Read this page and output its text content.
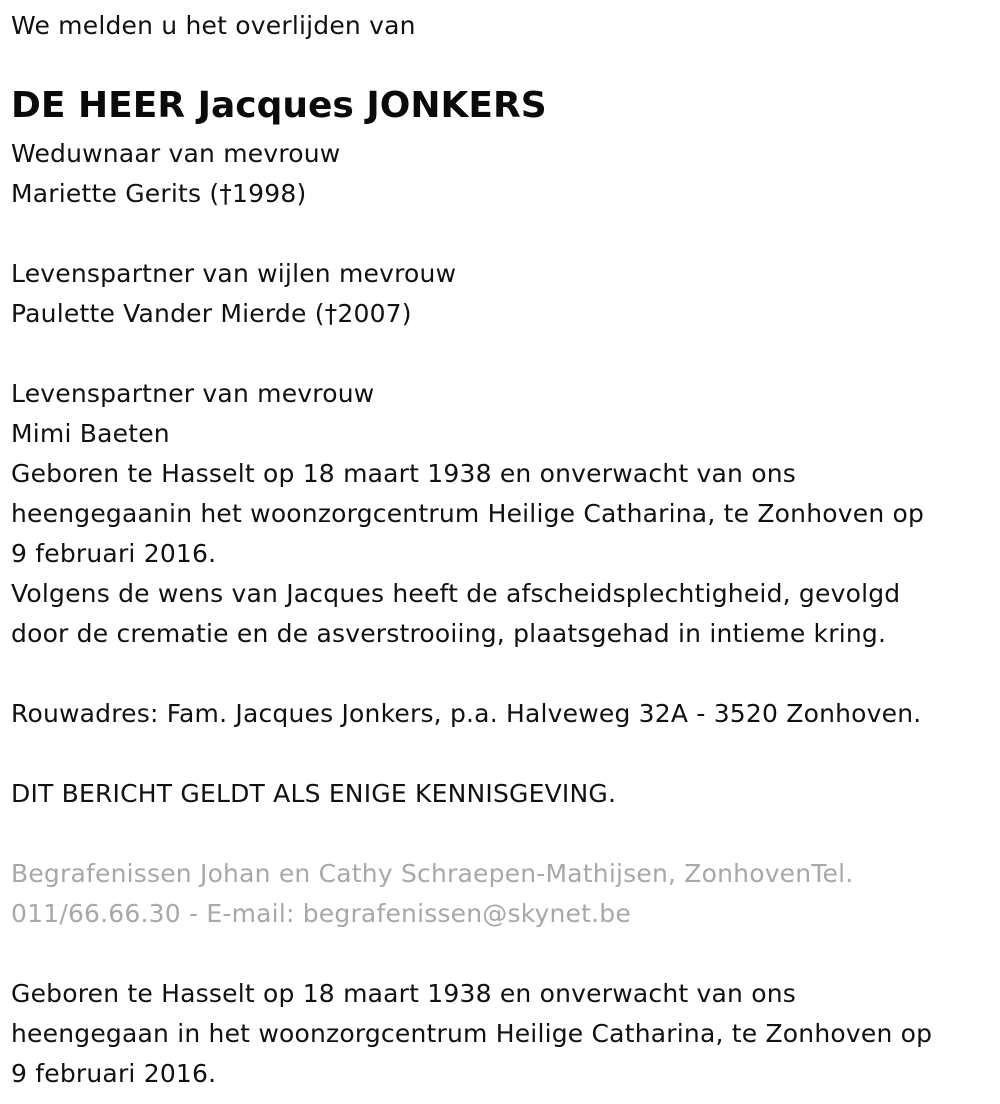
We melden u het overlijden van
DE HEER Jacques JONKERS
Weduwnaar van mevrouw
Mariette Gerits (†1998)
Levenspartner van wijlen mevrouw
Paulette Vander Mierde (†2007)
Levenspartner van mevrouw
Mimi Baeten
Geboren te Hasselt op 18 maart 1938 en onverwacht van ons
heengegaanin het woonzorgcentrum Heilige Catharina, te Zonhoven op
9 februari 2016.
Volgens de wens van Jacques heeft de afscheidsplechtigheid, gevolgd
door de crematie en de asverstrooiing, plaatsgehad in intieme kring.
Rouwadres: Fam. Jacques Jonkers, p.a. Halveweg 32A - 3520 Zonhoven.
DIT BERICHT GELDT ALS ENIGE KENNISGEVING.
Begrafenissen Johan en Cathy Schraepen-Mathijsen, ZonhovenTel.
011/66.66.30 - E-mail: begrafenissen@skynet.be
Geboren te Hasselt op 18 maart 1938 en onverwacht van ons
heengegaan in het woonzorgcentrum Heilige Catharina, te Zonhoven op
9 februari 2016.
